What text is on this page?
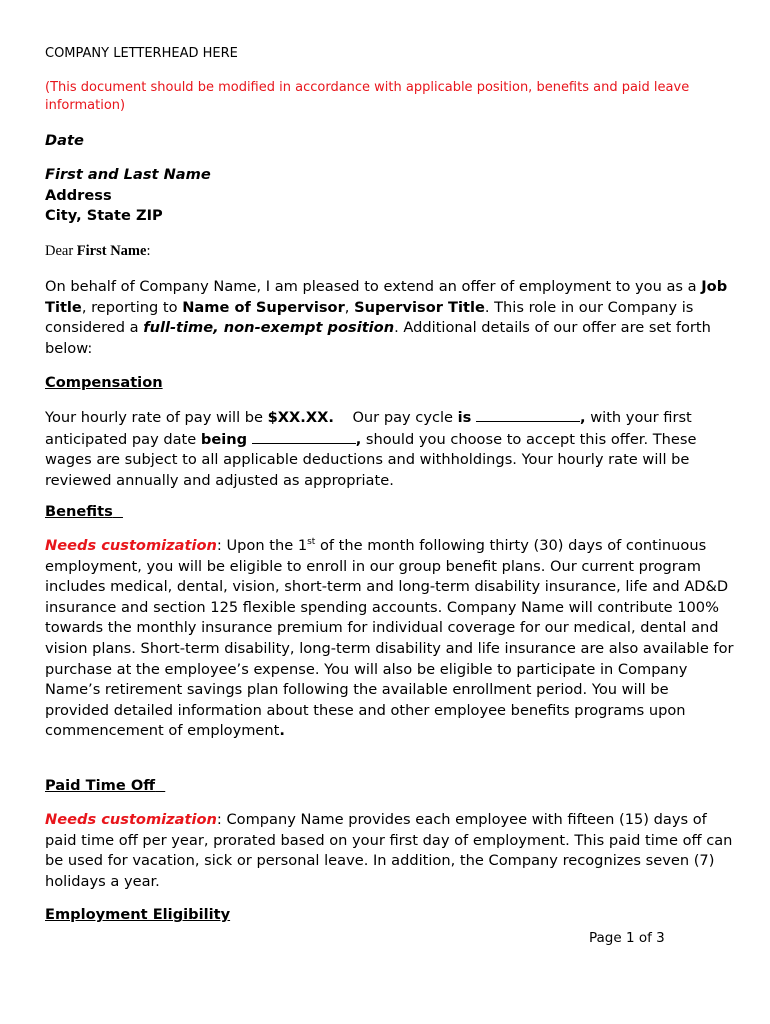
COMPANY LETTERHEAD HERE
(This document should be modified in accordance with applicable position, benefits and paid leave information)
Date
First and Last Name
Address
City, State ZIP
Dear First Name:
On behalf of Company Name, I am pleased to extend an offer of employment to you as a Job Title, reporting to Name of Supervisor, Supervisor Title. This role in our Company is considered a full-time, non-exempt position. Additional details of our offer are set forth below:
Compensation
Your hourly rate of pay will be $XX.XX.    Our pay cycle is	, with your first anticipated pay date being	, should you choose to accept this offer. These wages are subject to all applicable deductions and withholdings. Your hourly rate will be reviewed annually and adjusted as appropriate.
Benefits
Needs customization: Upon the 1st of the month following thirty (30) days of continuous employment, you will be eligible to enroll in our group benefit plans. Our current program includes medical, dental, vision, short-term and long-term disability insurance, life and AD&D insurance and section 125 flexible spending accounts. Company Name will contribute 100% towards the monthly insurance premium for individual coverage for our medical, dental and vision plans. Short-term disability, long-term disability and life insurance are also available for purchase at the employee’s expense. You will also be eligible to participate in Company Name’s retirement savings plan following the available enrollment period. You will be provided detailed information about these and other employee benefits programs upon commencement of employment.
Paid Time Off
Needs customization: Company Name provides each employee with fifteen (15) days of paid time off per year, prorated based on your first day of employment. This paid time off can be used for vacation, sick or personal leave. In addition, the Company recognizes seven (7) holidays a year.
Employment Eligibility
Page 1 of 3
